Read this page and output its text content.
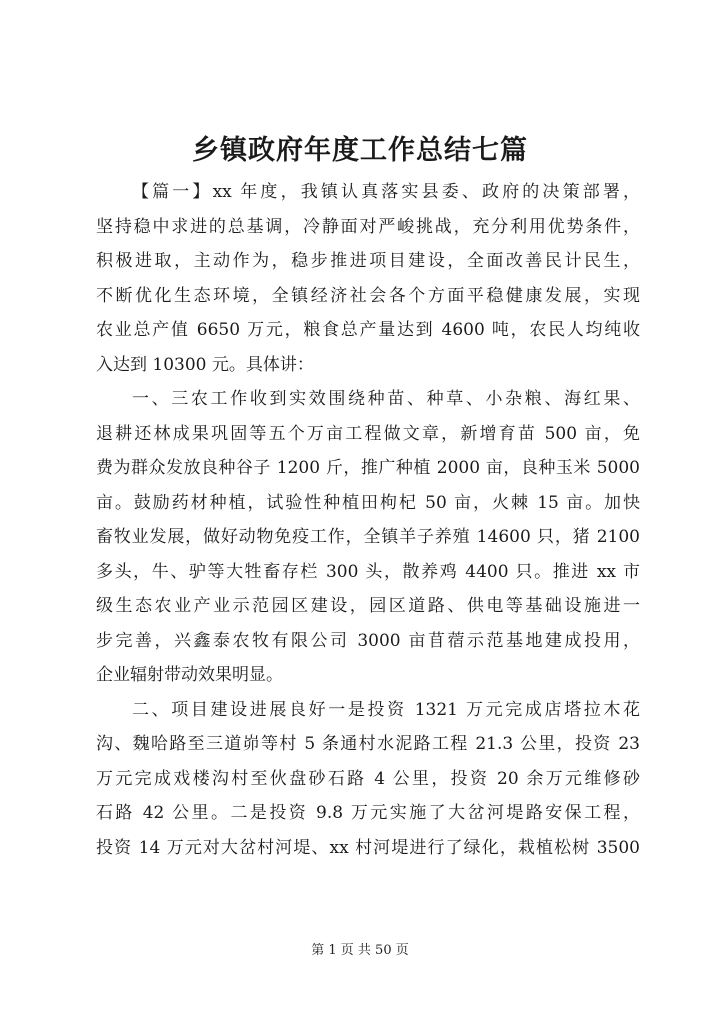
乡镇政府年度工作总结七篇
【篇一】xx 年度，我镇认真落实县委、政府的决策部署，
坚持稳中求进的总基调，冷静面对严峻挑战，充分利用优势条件，
积极进取，主动作为，稳步推进项目建设，全面改善民计民生，
不断优化生态环境，全镇经济社会各个方面平稳健康发展，实现
农业总产值 6650 万元，粮食总产量达到 4600 吨，农民人均纯收
入达到 10300 元。具体讲：
一、三农工作收到实效围绕种苗、种草、小杂粮、海红果、
退耕还林成果巩固等五个万亩工程做文章，新增育苗 500 亩，免
费为群众发放良种谷子 1200 斤，推广种植 2000 亩，良种玉米 5000
亩。鼓励药材种植，试验性种植田枸杞 50 亩，火棘 15 亩。加快
畜牧业发展，做好动物免疫工作，全镇羊子养殖 14600 只，猪 2100
多头，牛、驴等大牲畜存栏 300 头，散养鸡 4400 只。推进 xx 市
级生态农业产业示范园区建设，园区道路、供电等基础设施进一
步完善，兴鑫泰农牧有限公司 3000 亩苜蓿示范基地建成投用，
企业辐射带动效果明显。
二、项目建设进展良好一是投资 1321 万元完成店塔拉木花
沟、魏哈路至三道峁等村 5 条通村水泥路工程 21.3 公里，投资 23
万元完成戏楼沟村至伙盘砂石路 4 公里，投资 20 余万元维修砂
石路 42 公里。二是投资 9.8 万元实施了大岔河堤路安保工程，
投资 14 万元对大岔村河堤、xx 村河堤进行了绿化，栽植松树 3500
第 1 页 共 50 页
